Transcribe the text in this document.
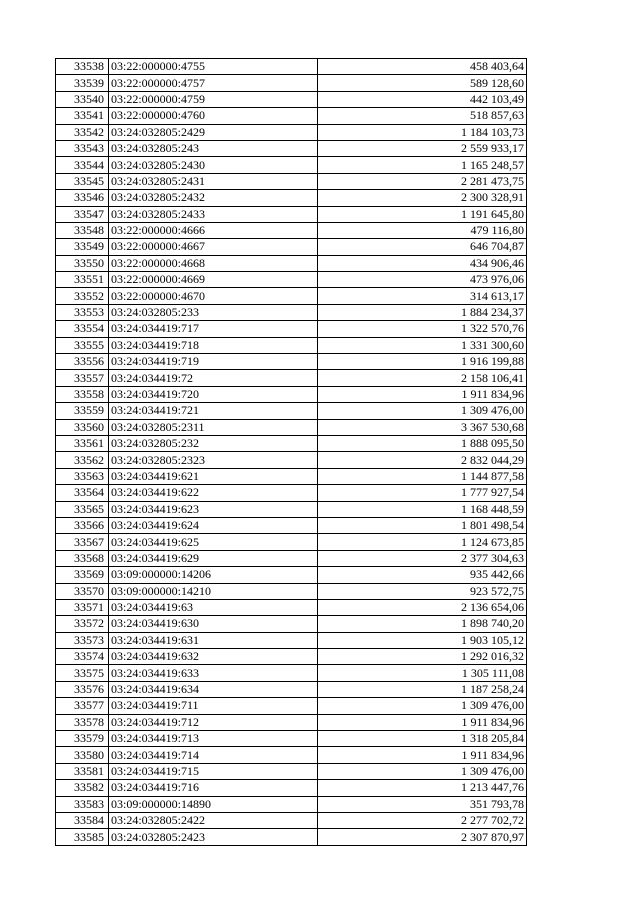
33538	03:22:000000:4755	458 403,64
33539	03:22:000000:4757	589 128,60
33540	03:22:000000:4759	442 103,49
33541	03:22:000000:4760	518 857,63
33542	03:24:032805:2429	1 184 103,73
33543	03:24:032805:243	2 559 933,17
33544	03:24:032805:2430	1 165 248,57
33545	03:24:032805:2431	2 281 473,75
33546	03:24:032805:2432	2 300 328,91
33547	03:24:032805:2433	1 191 645,80
33548	03:22:000000:4666	479 116,80
33549	03:22:000000:4667	646 704,87
33550	03:22:000000:4668	434 906,46
33551	03:22:000000:4669	473 976,06
33552	03:22:000000:4670	314 613,17
33553	03:24:032805:233	1 884 234,37
33554	03:24:034419:717	1 322 570,76
33555	03:24:034419:718	1 331 300,60
33556	03:24:034419:719	1 916 199,88
33557	03:24:034419:72	2 158 106,41
33558	03:24:034419:720	1 911 834,96
33559	03:24:034419:721	1 309 476,00
33560	03:24:032805:2311	3 367 530,68
33561	03:24:032805:232	1 888 095,50
33562	03:24:032805:2323	2 832 044,29
33563	03:24:034419:621	1 144 877,58
33564	03:24:034419:622	1 777 927,54
33565	03:24:034419:623	1 168 448,59
33566	03:24:034419:624	1 801 498,54
33567	03:24:034419:625	1 124 673,85
33568	03:24:034419:629	2 377 304,63
33569	03:09:000000:14206	935 442,66
33570	03:09:000000:14210	923 572,75
33571	03:24:034419:63	2 136 654,06
33572	03:24:034419:630	1 898 740,20
33573	03:24:034419:631	1 903 105,12
33574	03:24:034419:632	1 292 016,32
33575	03:24:034419:633	1 305 111,08
33576	03:24:034419:634	1 187 258,24
33577	03:24:034419:711	1 309 476,00
33578	03:24:034419:712	1 911 834,96
33579	03:24:034419:713	1 318 205,84
33580	03:24:034419:714	1 911 834,96
33581	03:24:034419:715	1 309 476,00
33582	03:24:034419:716	1 213 447,76
33583	03:09:000000:14890	351 793,78
33584	03:24:032805:2422	2 277 702,72
33585	03:24:032805:2423	2 307 870,97
